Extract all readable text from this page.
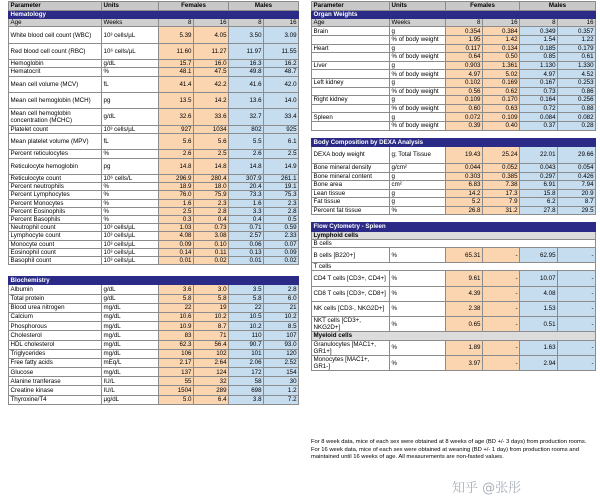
Parameter	Units	Females		Males	
Hematology					
Age	Weeks	8	16	8	16
White blood cell count (WBC)	10³ cells/µL	5.39	4.05	3.50	3.09
Red blood cell count (RBC)	10⁶ cells/µL	11.60	11.27	11.97	11.55
Hemoglobin	g/dL	15.7	16.0	16.3	16.2
Hematocrit	%	48.1	47.5	49.8	48.7
Mean cell volume (MCV)	fL	41.4	42.2	41.6	42.0
Mean cell hemoglobin (MCH)	pg	13.5	14.2	13.6	14.0
Mean cell hemoglobin concentration (MCHC)	g/dL	32.6	33.6	32.7	33.4
Platelet count	10³ cells/µL	927	1034	802	925
Mean platelet volume (MPV)	fL	5.6	5.6	5.5	6.1
Percent reticulocytes	%	2.6	2.5	2.6	2.5
Reticulocyte hemoglobin	pg	14.8	14.8	14.8	14.9
Reticulocyte count	10⁶ cells/L	296.9	280.4	307.9	261.1
Percent neutrophils	%	18.9	18.0	20.4	19.1
Percent Lymphocytes	%	76.0	75.9	73.3	75.3
Percent Monocytes	%	1.6	2.3	1.6	2.3
Percent Eosinophils	%	2.5	2.8	3.3	2.8
Percent Basophils	%	0.3	0.4	0.4	0.5
Neutrophil count	10³ cells/µL	1.03	0.73	0.71	0.59
Lymphocyte count	10³ cells/µL	4.08	3.08	2.57	2.33
Monocyte count	10³ cells/µL	0.09	0.10	0.06	0.07
Eosinophil count	10³ cells/µL	0.14	0.11	0.13	0.09
Basophil count	10³ cells/µL	0.01	0.02	0.01	0.02

Biochemistry					
Albumin	g/dL	3.6	3.0	3.5	2.8
Total protein	g/dL	5.8	5.8	5.8	6.0
Blood urea nitrogen	mg/dL	22	19	22	21
Calcium	mg/dL	10.6	10.2	10.5	10.2
Phosphorous	mg/dL	10.9	8.7	10.2	8.5
Cholesterol	mg/dL	83	71	110	107
HDL cholesterol	mg/dL	62.3	56.4	90.7	93.0
Triglycerides	mg/dL	106	102	101	120
Free fatty acids	mEq/L	2.17	2.64	2.06	2.52
Glucose	mg/dL	137	124	172	154
Alanine tranferase	IU/L	55	32	58	30
Creatine kinase	IU/L	1504	289	698	1.2
Thyroxine/T4	µg/dL	5.0	6.4	3.8	7.2
Parameter	Units	Females		Males	
Organ Weights					
Age	Weeks	8	16	8	16
Brain	g	0.354	0.384	0.349	0.357
	% of body weight	1.95	1.42	1.54	1.22
Heart	g	0.117	0.134	0.185	0.179
	% of body weight	0.64	0.50	0.85	0.61
Liver	g	0.903	1.361	1.130	1.330
	% of body weight	4.97	5.02	4.97	4.52
Left kidney	g	0.102	0.169	0.167	0.253
	% of body weight	0.56	0.62	0.73	0.86
Right kidney	g	0.109	0.170	0.164	0.256
	% of body weight	0.60	0.63	0.72	0.88
Spleen	g	0.072	0.109	0.084	0.082
	% of body weight	0.39	0.40	0.37	0.28

Body Composition by DEXA Analysis					
DEXA body weight	g; Total Tissue	19.43	25.24	22.01	29.66
Bone mineral density	g/cm²	0.044	0.052	0.043	0.054
Bone mineral content	g	0.303	0.385	0.297	0.426
Bone area	cm²	6.83	7.38	6.91	7.94
Lean tissue	g	14.2	17.3	15.8	20.9
Fat tissue	g	5.2	7.9	6.2	8.7
Percent fat tissue	%	26.8	31.2	27.8	29.5

Flow Cytometry - Spleen					
Lymphoid cells					
B cells					
B cells [B220+]	%	65.31	-	62.95	-
T cells					
CD4 T cells [CD3+, CD4+]	%	9.61	-	10.07	-
CD8 T cells [CD3+, CD8+]	%	4.39	-	4.08	-
NK cells [CD3-, NKG2D+]	%	2.38	-	1.53	-
NKT cells [CD3+, NKG2D+]	%	0.65	-	0.51	-
Myeloid cells					
Granulocytes [MAC1+, GR1+]	%	1.89	-	1.63	-
Monocytes [MAC1+, GR1-]	%	3.97	-	2.94	-
For 8 week data, mice of each sex were obtained at 8 weeks of age (BD +/- 3 days) from production rooms. For 16 week data, mice of each sex were obtained at weaning (BD +/- 1 day) from production rooms and maintained until 16 weeks of age. All measurements are non-fasted values.
知乎 @张彤
